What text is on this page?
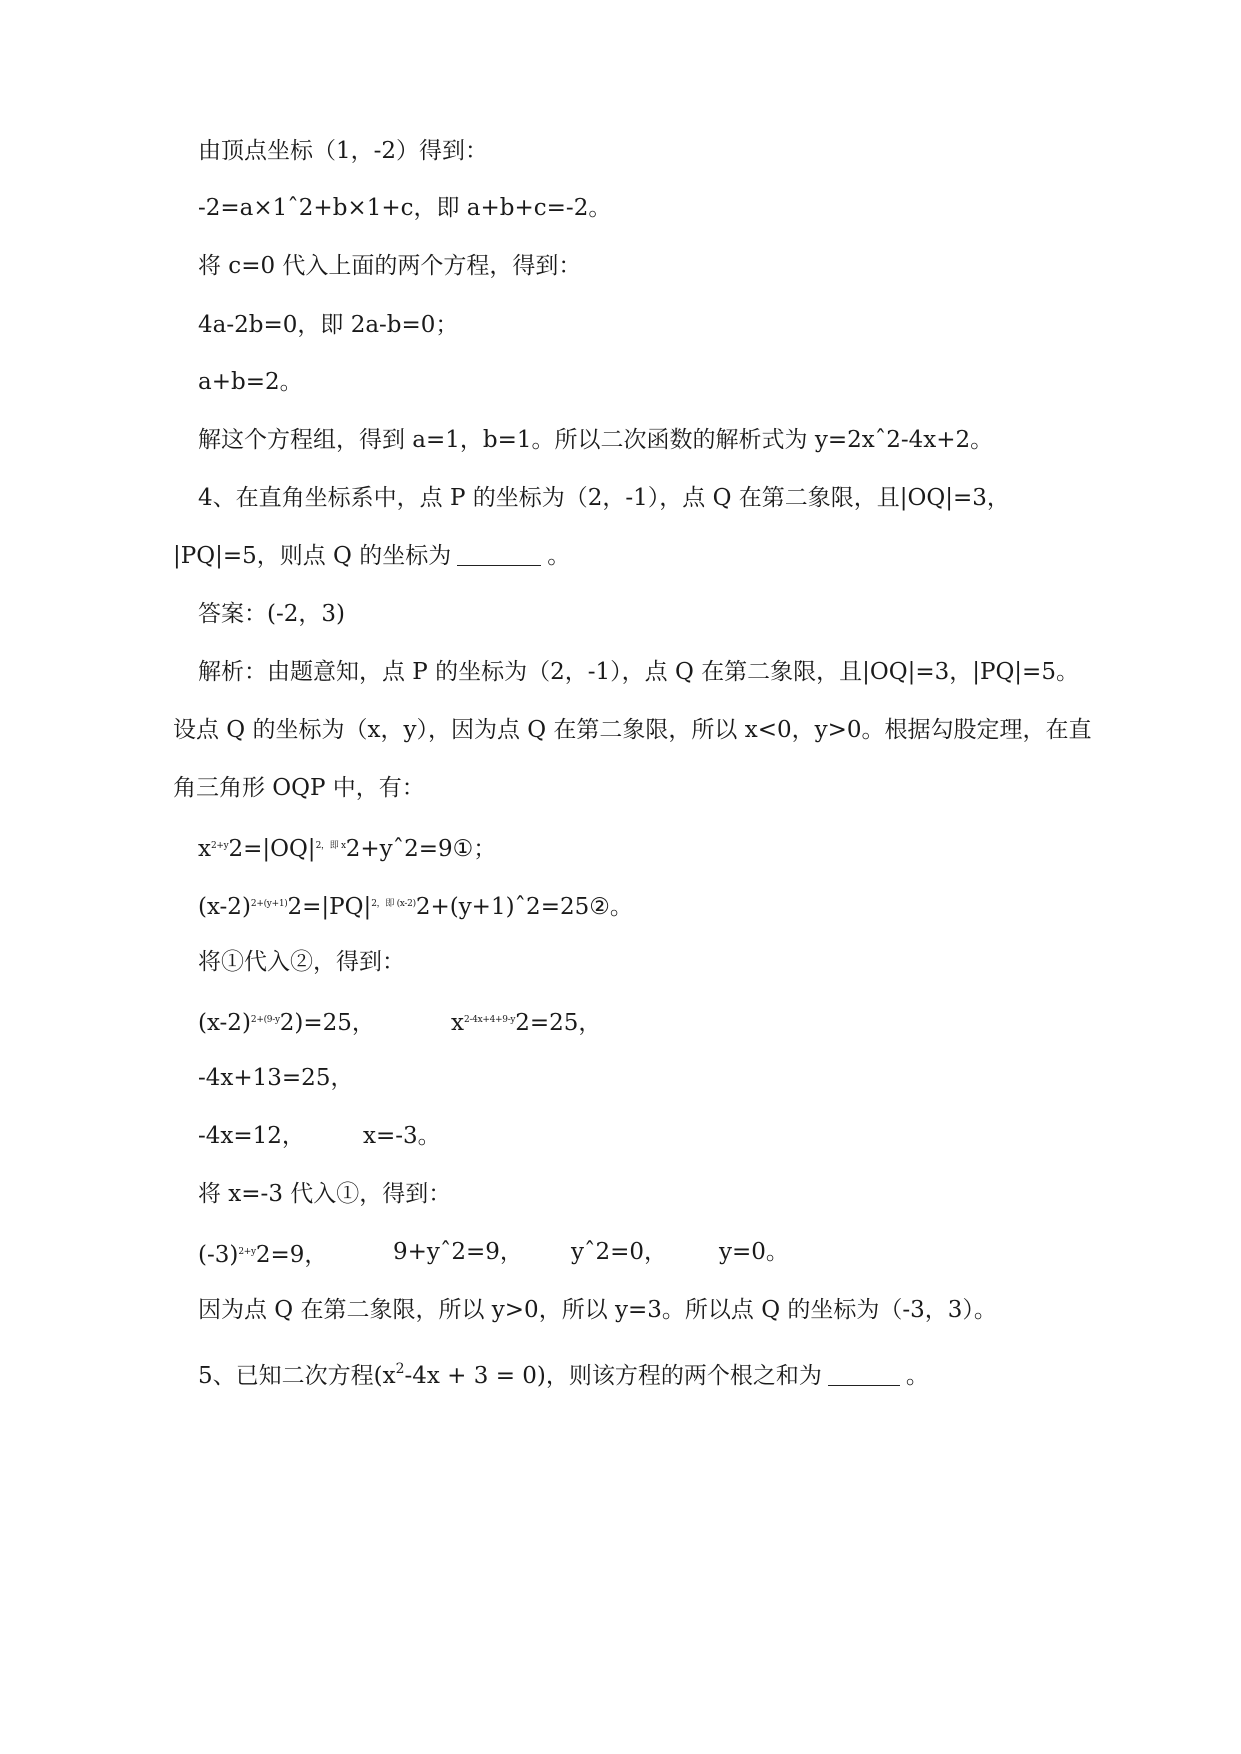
由顶点坐标（1，-2）得到：
-2=a×1ˆ2+b×1+c，即 a+b+c=-2。
将 c=0 代入上面的两个方程，得到：
4a-2b=0，即 2a-b=0；
a+b=2。
解这个方程组，得到 a=1，b=1。所以二次函数的解析式为 y=2xˆ2-4x+2。
4、在直角坐标系中，点 P 的坐标为（2，-1），点 Q 在第二象限，且|OQ|=3，
|PQ|=5，则点 Q 的坐标为	。
答案：(-2，3)
解析：由题意知，点 P 的坐标为（2，-1），点 Q 在第二象限，且|OQ|=3，|PQ|=5。
设点 Q 的坐标为（x，y），因为点 Q 在第二象限，所以 x<0，y>0。根据勾股定理，在直
角三角形 OQP 中，有：
$x^{2+y}2=|OQ|^{2,即 x}2+yˆ2=9①$；
$(x-2)^{2+(y+1)}2=|PQ|^{2,即 (x-2)}2+(y+1)ˆ2=25②$。
将①代入②，得到：
$(x-2)^{2+(9-y}2)=25$，	$x^{2-4x+4+9-y}2=25$，
-4x+13=25，
-4x=12，	x=-3。
将 x=-3 代入①，得到：
$(-3)^{2+y}2=9$，	9+yˆ2=9， yˆ2=0， y=0。
因为点 Q 在第二象限，所以 y>0，所以 y=3。所以点 Q 的坐标为（-3，3）。
5、已知二次方程$(x^2-4x + 3 = 0)$，则该方程的两个根之和为	。
